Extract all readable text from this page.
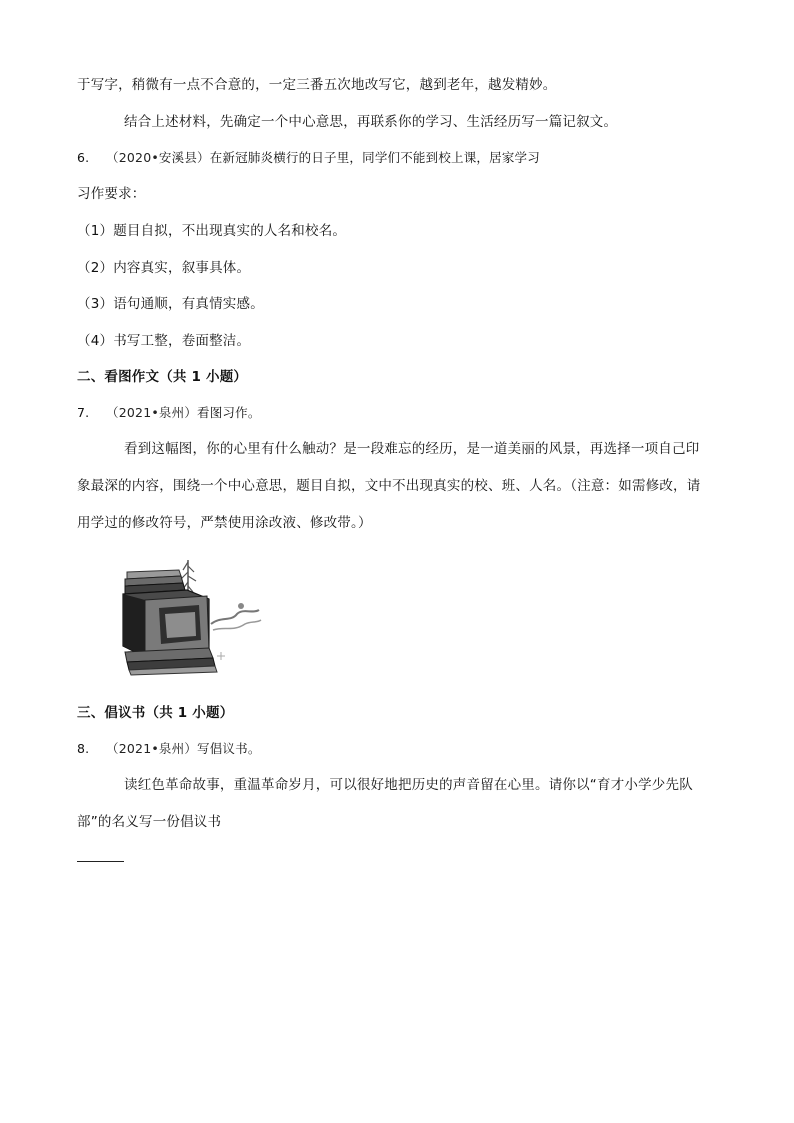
于写字，稍微有一点不合意的，一定三番五次地改写它，越到老年，越发精妙。
结合上述材料，先确定一个中心意思，再联系你的学习、生活经历写一篇记叙文。
6. （2020•安溪县）在新冠肺炎横行的日子里，同学们不能到校上课，居家学习
习作要求：
（1）题目自拟，不出现真实的人名和校名。
（2）内容真实，叙事具体。
（3）语句通顺，有真情实感。
（4）书写工整，卷面整洁。
二、看图作文（共 1 小题）
7. （2021•泉州）看图习作。
看到这幅图，你的心里有什么触动？是一段难忘的经历，是一道美丽的风景，再选择一项自己印
象最深的内容，围绕一个中心意思，题目自拟，文中不出现真实的校、班、人名。（注意：如需修改，请
用学过的修改符号，严禁使用涂改液、修改带。）
三、倡议书（共 1 小题）
8. （2021•泉州）写倡议书。
读红色革命故事，重温革命岁月，可以很好地把历史的声音留在心里。请你以“育才小学少先队
部”的名义写一份倡议书
